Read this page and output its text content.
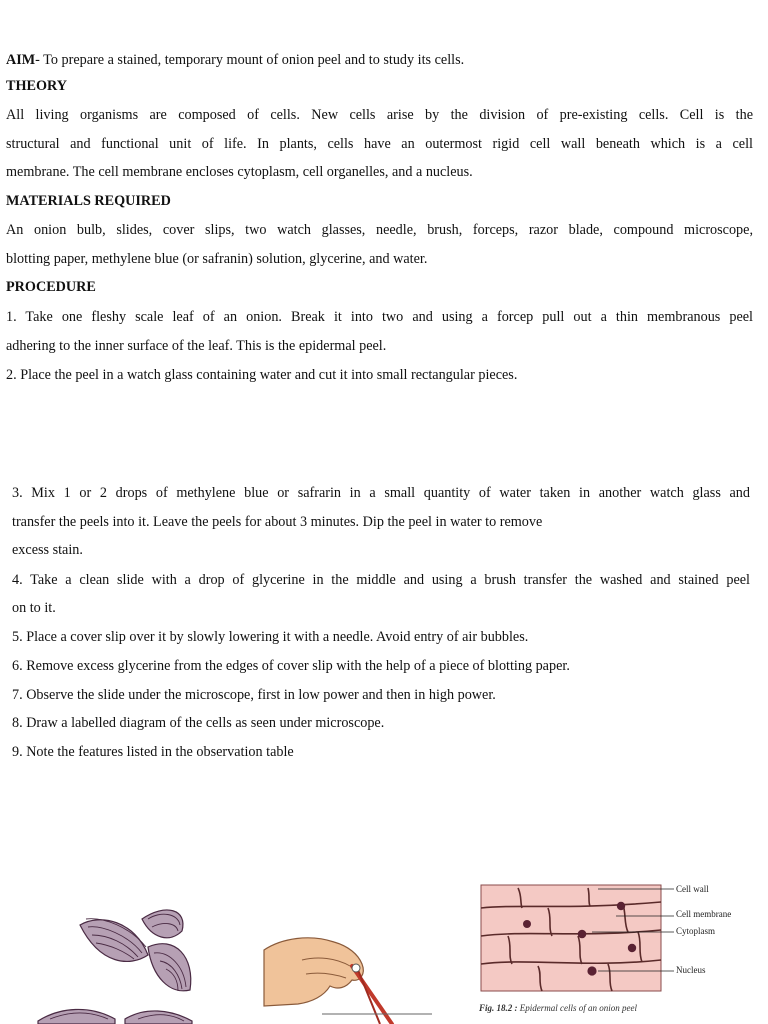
AIM- To prepare a stained, temporary mount of onion peel and to study its cells.
THEORY
All living organisms are composed of cells. New cells arise by the division of pre-existing cells. Cell is the
structural and functional unit of life. In plants, cells have an outermost rigid cell wall beneath which is a cell
membrane. The cell membrane encloses cytoplasm, cell organelles, and a nucleus.
MATERIALS REQUIRED
An onion bulb, slides, cover slips, two watch glasses, needle, brush, forceps, razor blade, compound microscope,
blotting paper, methylene blue (or safranin) solution, glycerine, and water.
PROCEDURE
1. Take one fleshy scale leaf of an onion. Break it into two and using a forcep pull out a thin membranous peel
adhering to the inner surface of the leaf. This is the epidermal peel.
2. Place the peel in a watch glass containing water and cut it into small rectangular pieces.
3. Mix 1 or 2 drops of methylene blue or safrarin in a small quantity of water taken in another watch glass and
transfer the peels into it. Leave the peels for about 3 minutes. Dip the peel in water to remove
excess stain.
4. Take a clean slide with a drop of glycerine in the middle and using a brush transfer the washed and stained peel
on to it.
5. Place a cover slip over it by slowly lowering it with a needle. Avoid entry of air bubbles.
6. Remove excess glycerine from the edges of cover slip with the help of a piece of blotting paper.
7. Observe the slide under the microscope, first in low power and then in high power.
8. Draw a labelled diagram of the cells as seen under microscope.
9. Note the features listed in the observation table
Cell wall
Cell membrane
Cytoplasm
Nucleus
Fig. 18.2 : Epidermal cells of an onion peel
